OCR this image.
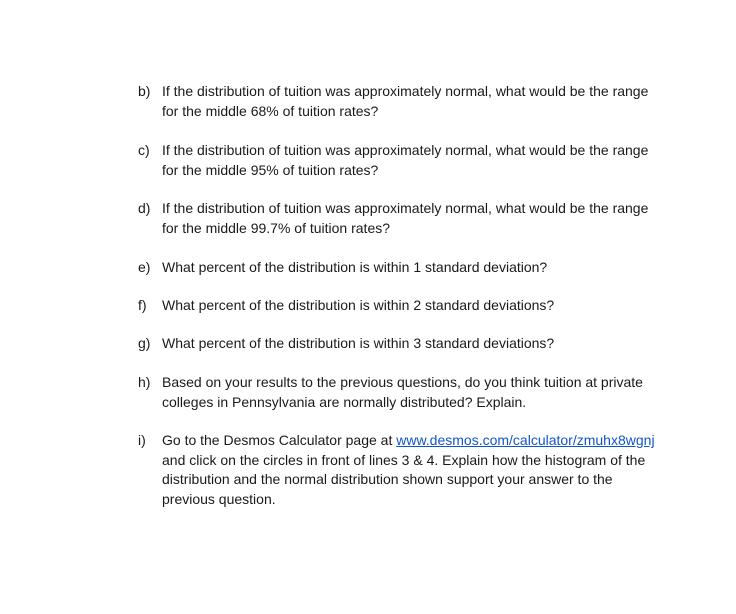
b) If the distribution of tuition was approximately normal, what would be the range
for the middle 68% of tuition rates?
c) If the distribution of tuition was approximately normal, what would be the range
for the middle 95% of tuition rates?
d) If the distribution of tuition was approximately normal, what would be the range
for the middle 99.7% of tuition rates?
e) What percent of the distribution is within 1 standard deviation?
f)	What percent of the distribution is within 2 standard deviations?
g) What percent of the distribution is within 3 standard deviations?
h) Based on your results to the previous questions, do you think tuition at private
colleges in Pennsylvania are normally distributed? Explain.
i)	Go to the Desmos Calculator page at www.desmos.com/calculator/zmuhx8wgnj
and click on the circles in front of lines 3 & 4. Explain how the histogram of the
distribution and the normal distribution shown support your answer to the
previous question.
